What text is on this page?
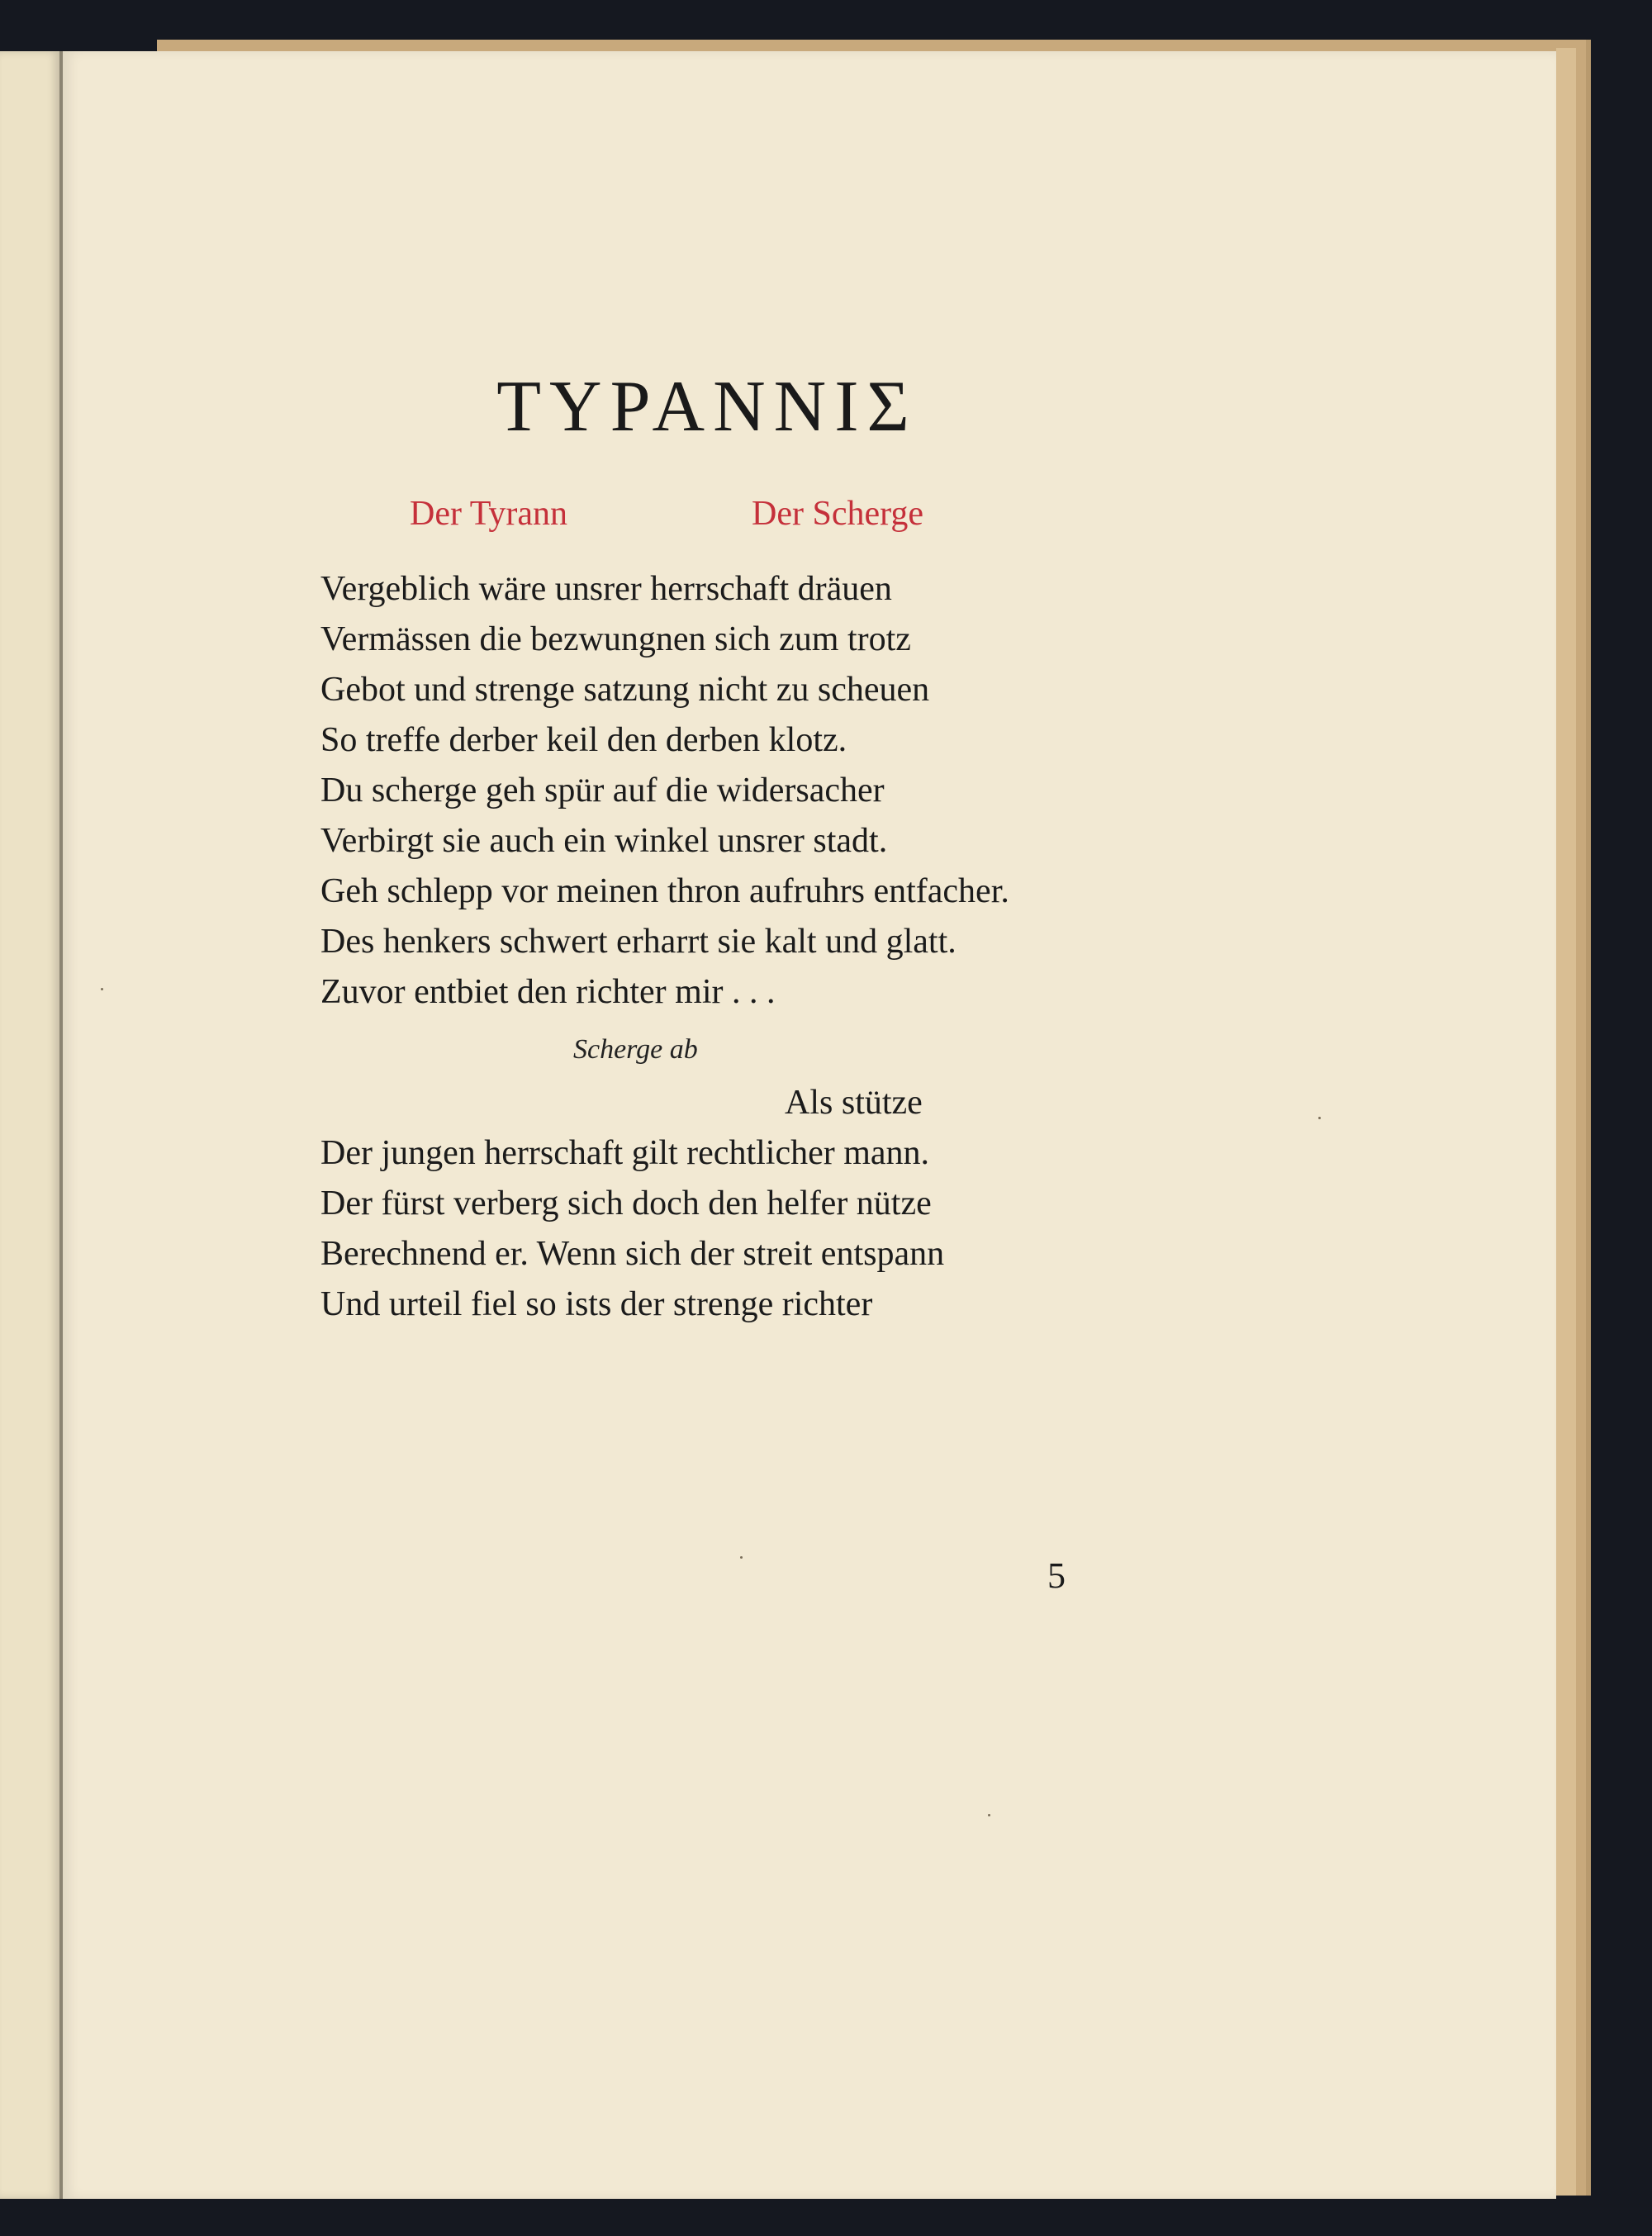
ΤΥΡΑΝΝΙΣ
Der Tyrann	Der Scherge
Vergeblich wäre unsrer herrschaft dräuen
Vermässen die bezwungnen sich zum trotz
Gebot und strenge satzung nicht zu scheuen
So treffe derber keil den derben klotz.
Du scherge geh spür auf die widersacher
Verbirgt sie auch ein winkel unsrer stadt.
Geh schlepp vor meinen thron aufruhrs entfacher.
Des henkers schwert erharrt sie kalt und glatt.
Zuvor entbiet den richter mir . . .
Scherge ab
Als stütze
Der jungen herrschaft gilt rechtlicher mann.
Der fürst verberg sich doch den helfer nütze
Berechnend er. Wenn sich der streit entspann
Und urteil fiel so ists der strenge richter
5
